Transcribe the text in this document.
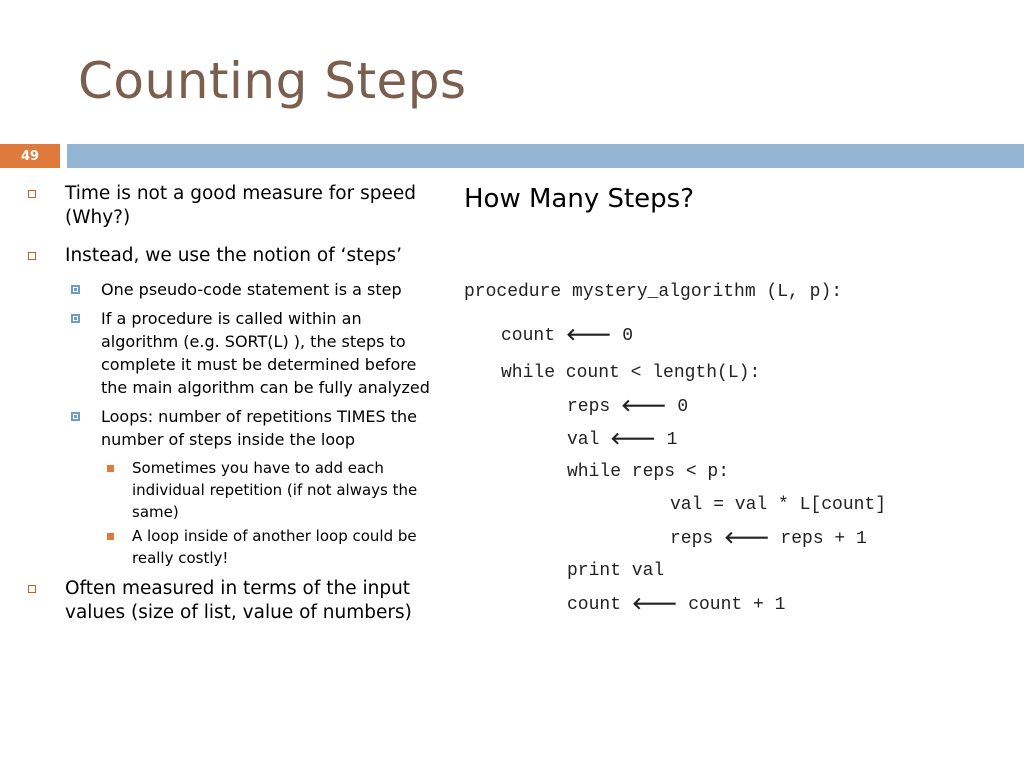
Counting Steps
49
Time is not a good measure for speed (Why?)
Instead, we use the notion of ‘steps’
One pseudo-code statement is a step
If a procedure is called within an algorithm (e.g. SORT(L) ), the steps to complete it must be determined before the main algorithm can be fully analyzed
Loops: number of repetitions TIMES the number of steps inside the loop
Sometimes you have to add each individual repetition (if not always the same)
A loop inside of another loop could be really costly!
Often measured in terms of the input values (size of list, value of numbers)
How Many Steps?
procedure mystery_algorithm (L, p):
count 🡐 0
while count < length(L):
reps 🡐 0
val 🡐 1
while reps < p:
val = val * L[count]
reps 🡐 reps + 1
print val
count 🡐 count + 1
